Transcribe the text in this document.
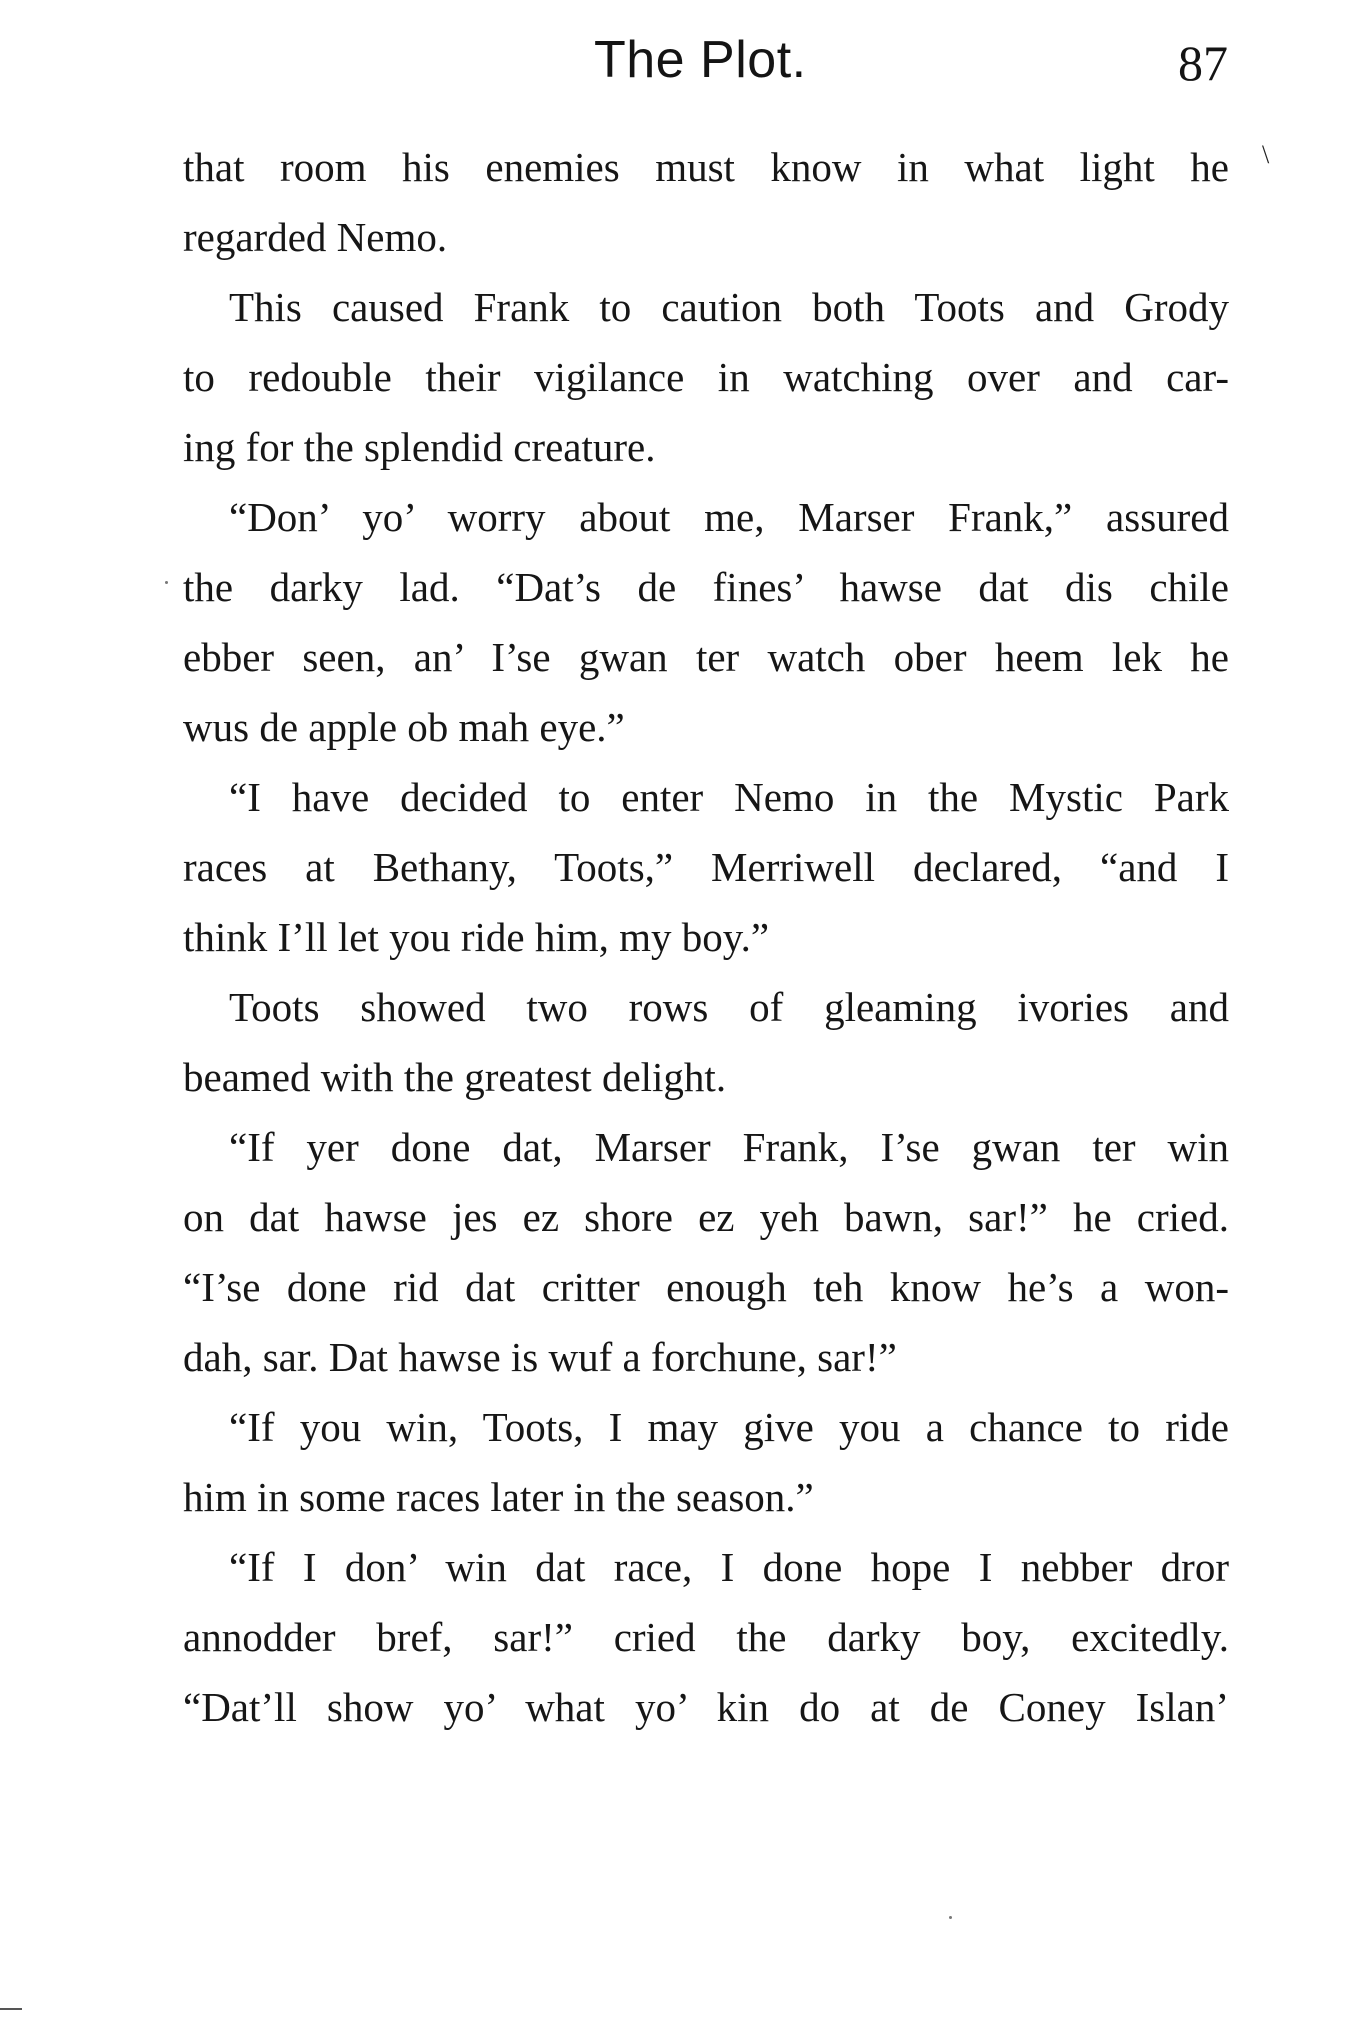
The Plot.	87
\
that room his enemies must know in what light he
regarded Nemo.
This caused Frank to caution both Toots and Grody
to redouble their vigilance in watching over and car-
ing for the splendid creature.
“Don’ yo’ worry about me, Marser Frank,” assured
the darky lad. “Dat’s de fines’ hawse dat dis chile
ebber seen, an’ I’se gwan ter watch ober heem lek he
wus de apple ob mah eye.”
“I have decided to enter Nemo in the Mystic Park
races at Bethany, Toots,” Merriwell declared, “and I
think I’ll let you ride him, my boy.”
Toots showed two rows of gleaming ivories and
beamed with the greatest delight.
“If yer done dat, Marser Frank, I’se gwan ter win
on dat hawse jes ez shore ez yeh bawn, sar!” he cried.
“I’se done rid dat critter enough teh know he’s a won-
dah, sar. Dat hawse is wuf a forchune, sar!”
“If you win, Toots, I may give you a chance to ride
him in some races later in the season.”
“If I don’ win dat race, I done hope I nebber dror
annodder bref, sar!” cried the darky boy, excitedly.
“Dat’ll show yo’ what yo’ kin do at de Coney Islan’
